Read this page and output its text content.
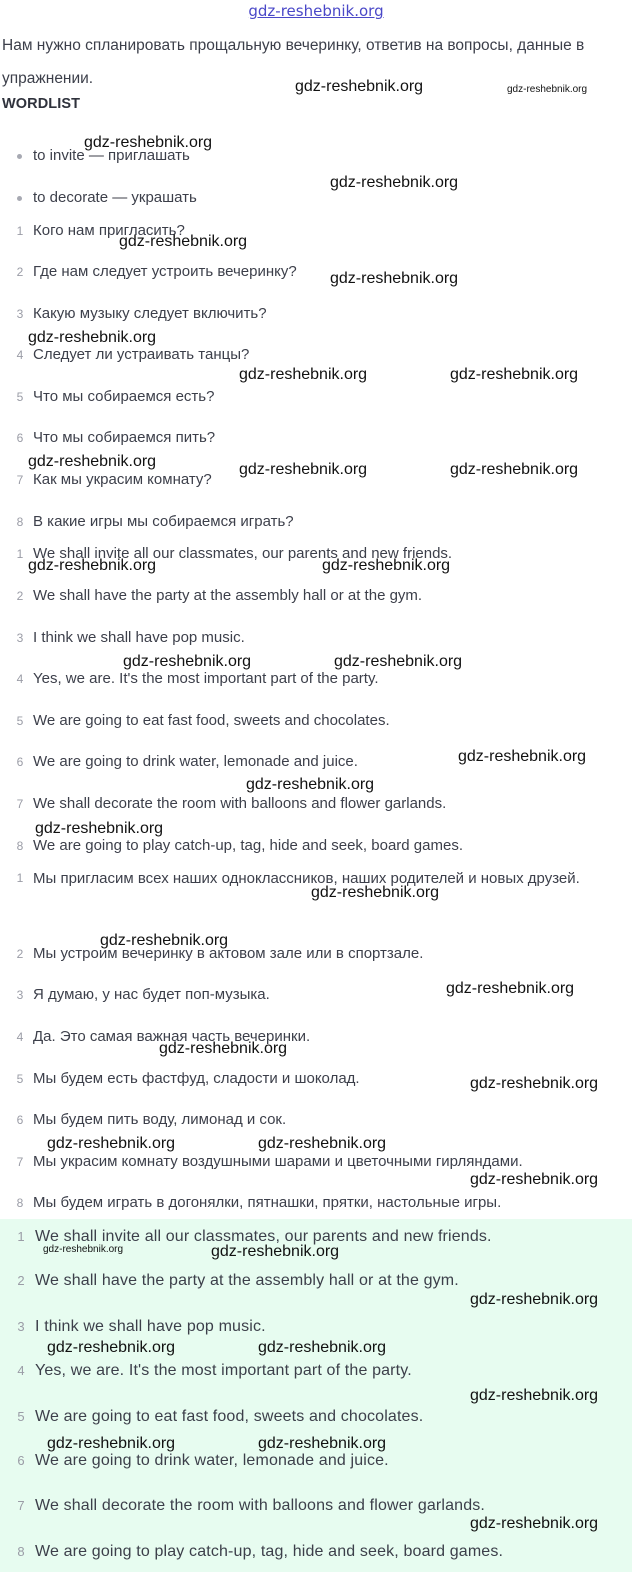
gdz-reshebnik.org

Нам нужно спланировать прощальную вечеринку, ответив на вопросы, данные в упражнении.

WORDLIST
to invite — приглашать
to decorate — украшать
1 Кого нам пригласить?
2 Где нам следует устроить вечеринку?
3 Какую музыку следует включить?
4 Следует ли устраивать танцы?
5 Что мы собираемся есть?
6 Что мы собираемся пить?
7 Как мы украсим комнату?
8 В какие игры мы собираемся играть?
1 We shall invite all our classmates, our parents and new friends.
2 We shall have the party at the assembly hall or at the gym.
3 I think we shall have pop music.
4 Yes, we are. It's the most important part of the party.
5 We are going to eat fast food, sweets and chocolates.
6 We are going to drink water, lemonade and juice.
7 We shall decorate the room with balloons and flower garlands.
8 We are going to play catch-up, tag, hide and seek, board games.
1 Мы пригласим всех наших одноклассников, наших родителей и новых друзей.
2 Мы устроим вечеринку в актовом зале или в спортзале.
3 Я думаю, у нас будет поп-музыка.
4 Да. Это самая важная часть вечеринки.
5 Мы будем есть фастфуд, сладости и шоколад.
6 Мы будем пить воду, лимонад и сок.
7 Мы украсим комнату воздушными шарами и цветочными гирляндами.
8 Мы будем играть в догонялки, пятнашки, прятки, настольные игры.
1 We shall invite all our classmates, our parents and new friends.
2 We shall have the party at the assembly hall or at the gym.
3 I think we shall have pop music.
4 Yes, we are. It's the most important part of the party.
5 We are going to eat fast food, sweets and chocolates.
6 We are going to drink water, lemonade and juice.
7 We shall decorate the room with balloons and flower garlands.
8 We are going to play catch-up, tag, hide and seek, board games.
gdz-reshebnik.org	gdz-reshebnik.org
gdz-reshebnik.org
gdz-reshebnik.org
gdz-reshebnik.org
gdz-reshebnik.org
gdz-reshebnik.org
gdz-reshebnik.org	gdz-reshebnik.org
gdz-reshebnik.org	gdz-reshebnik.org	gdz-reshebnik.org
gdz-reshebnik.org	gdz-reshebnik.org
gdz-reshebnik.org	gdz-reshebnik.org
gdz-reshebnik.org
gdz-reshebnik.org
gdz-reshebnik.org
gdz-reshebnik.org
gdz-reshebnik.org
gdz-reshebnik.org
gdz-reshebnik.org
gdz-reshebnik.org
gdz-reshebnik.org	gdz-reshebnik.org
gdz-reshebnik.org
gdz-reshebnik.org	gdz-reshebnik.org
gdz-reshebnik.org
gdz-reshebnik.org	gdz-reshebnik.org
gdz-reshebnik.org
gdz-reshebnik.org	gdz-reshebnik.org
gdz-reshebnik.org
